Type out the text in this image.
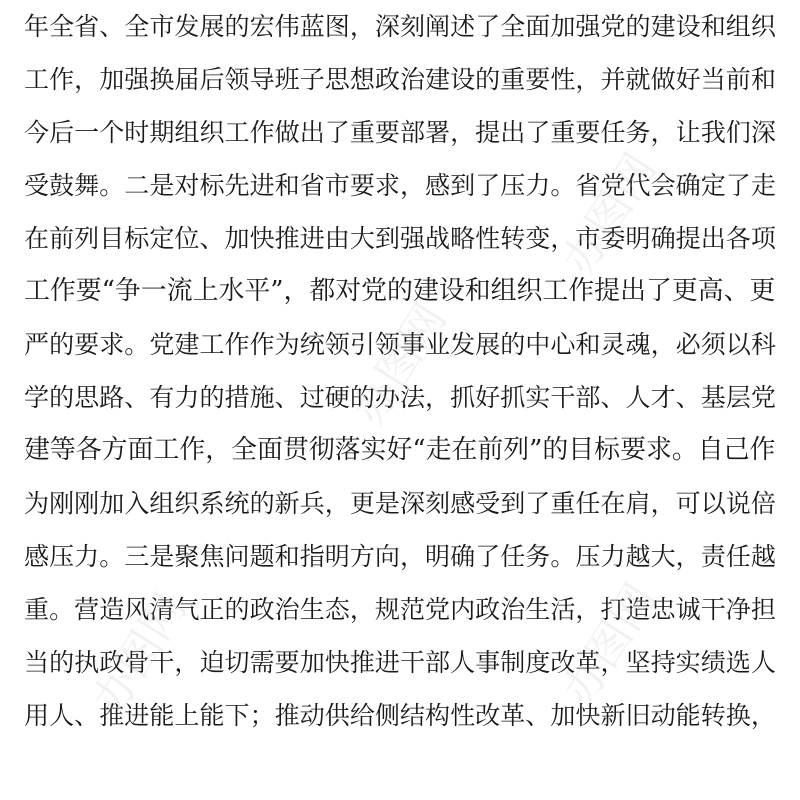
年全省、全市发展的宏伟蓝图，深刻阐述了全面加强党的建设和组织
工作，加强换届后领导班子思想政治建设的重要性，并就做好当前和
今后一个时期组织工作做出了重要部署，提出了重要任务，让我们深
受鼓舞。二是对标先进和省市要求，感到了压力。省党代会确定了走
在前列目标定位、加快推进由大到强战略性转变，市委明确提出各项
工作要“争一流上水平”，都对党的建设和组织工作提出了更高、更
严的要求。党建工作作为统领引领事业发展的中心和灵魂，必须以科
学的思路、有力的措施、过硬的办法，抓好抓实干部、人才、基层党
建等各方面工作，全面贯彻落实好“走在前列”的目标要求。自己作
为刚刚加入组织系统的新兵，更是深刻感受到了重任在肩，可以说倍
感压力。三是聚焦问题和指明方向，明确了任务。压力越大，责任越
重。营造风清气正的政治生态，规范党内政治生活，打造忠诚干净担
当的执政骨干，迫切需要加快推进干部人事制度改革，坚持实绩选人
用人、推进能上能下；推动供给侧结构性改革、加快新旧动能转换，
办图网
办图网
办图网
办图网
